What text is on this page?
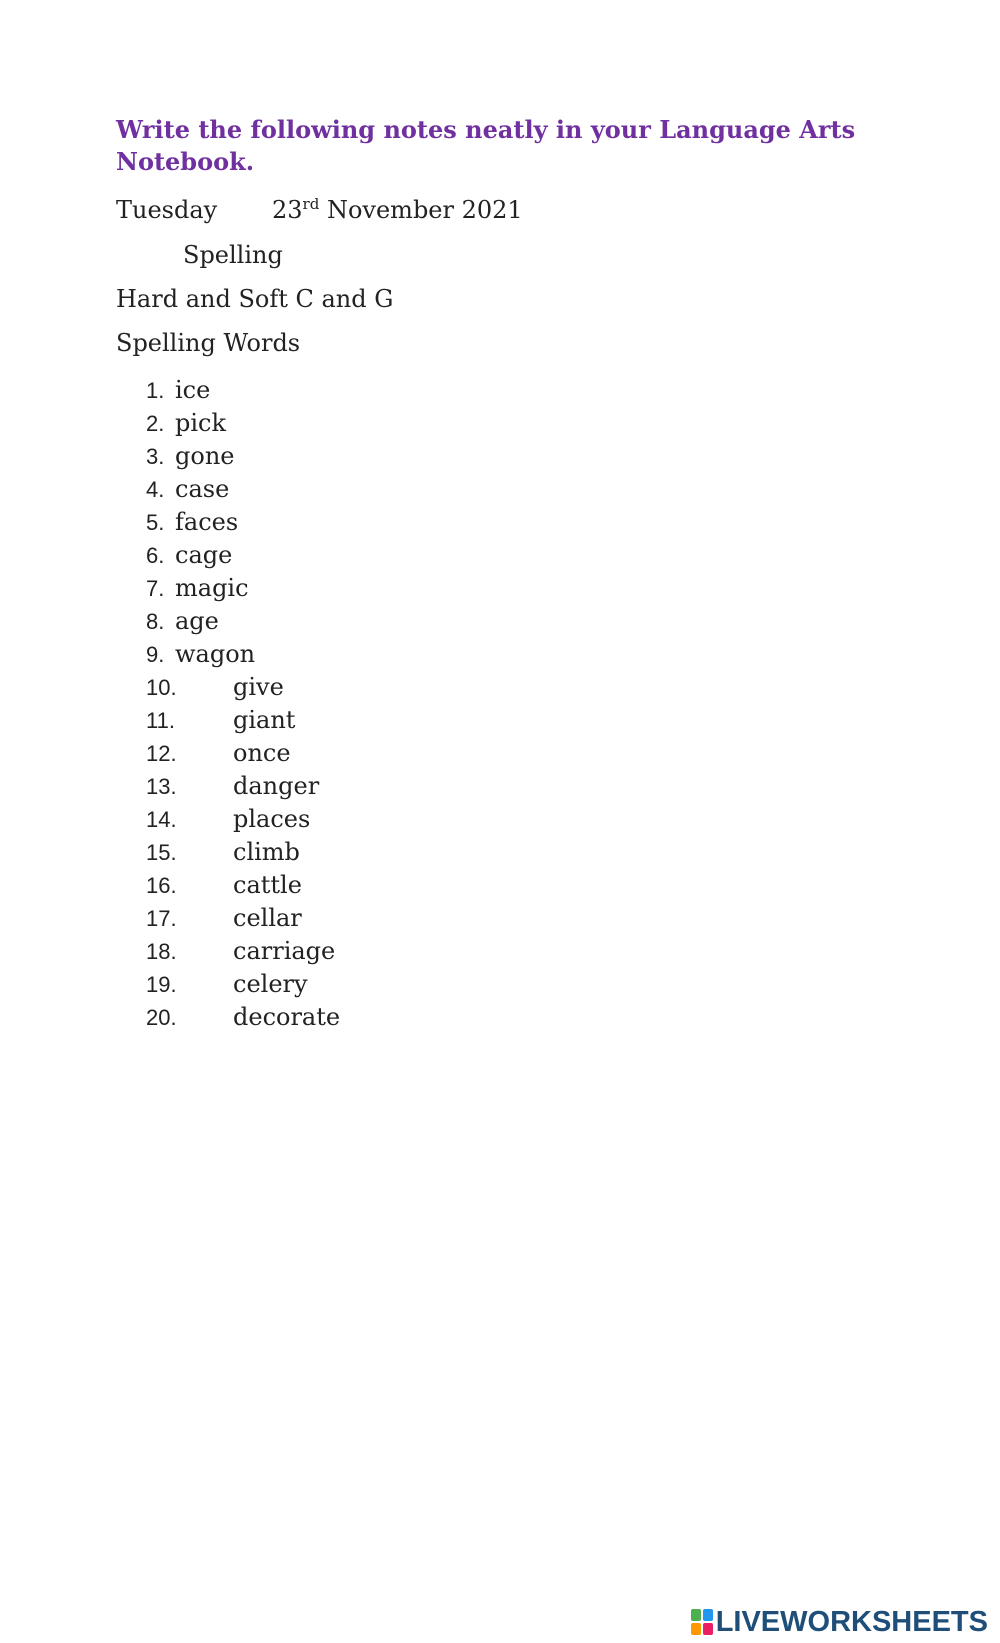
Write the following notes neatly in your Language Arts Notebook.
Tuesday 23rd November 2021
Spelling
Hard and Soft C and G
Spelling Words
1. ice
2. pick
3. gone
4. case
5. faces
6. cage
7. magic
8. age
9. wagon
10. give
11. giant
12. once
13. danger
14. places
15. climb
16. cattle
17. cellar
18. carriage
19. celery
20. decorate
LIVEWORKSHEETS
